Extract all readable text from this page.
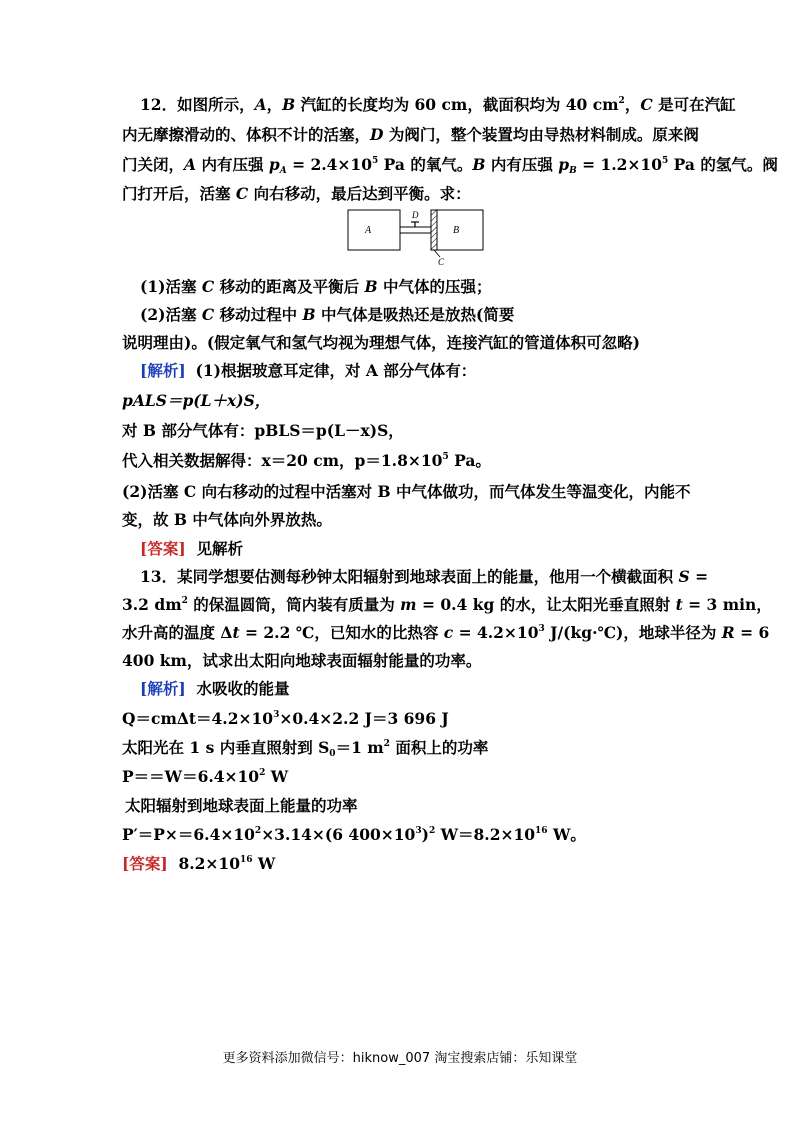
12．如图所示，A，B 汽缸的长度均为 60 cm，截面积均为 40 $cm^2$，C 是可在汽缸
内无摩擦滑动的、体积不计的活塞，D 为阀门，整个装置均由导热材料制成。原来阀
门关闭，A 内有压强 $p_A = 2.4\times 10^5$ Pa 的氧气。B 内有压强 $p_B = 1.2\times 10^5$ Pa 的氢气。阀
门打开后，活塞 C 向右移动，最后达到平衡。求：
A	B
D
C
(1)活塞 C 移动的距离及平衡后 B 中气体的压强；
(2)活塞 C 移动过程中 B 中气体是吸热还是放热(简要
说明理由)。(假定氧气和氢气均视为理想气体，连接汽缸的管道体积可忽略)
[解析] (1)根据玻意耳定律，对 A 部分气体有：
pALS＝p(L＋x)S，
对 B 部分气体有：pBLS＝p(L－x)S，
代入相关数据解得：x＝20 cm，$p=1.8\times 10^5$ Pa。
(2)活塞 C 向右移动的过程中活塞对 B 中气体做功，而气体发生等温变化，内能不
变，故 B 中气体向外界放热。
[答案] 见解析
13．某同学想要估测每秒钟太阳辐射到地球表面上的能量，他用一个横截面积 S =
3.2 $dm^2$ 的保温圆筒，筒内装有质量为 m = 0.4 kg 的水，让太阳光垂直照射 t = 3 min，
水升高的温度 Δt = 2.2 ℃，已知水的比热容 $c = 4.2\times 10^3$ J/(kg·℃)，地球半径为 R = 6
400 km，试求出太阳向地球表面辐射能量的功率。
[解析] 水吸收的能量
$Q=cm\Delta t=4.2\times 10^3\times 0.4\times 2.2$ J＝3 696 J
太阳光在 1 s 内垂直照射到 $S_0=1$ $m^2$ 面积上的功率
$P==W=6.4\times 10^2$ W
太阳辐射到地球表面上能量的功率
$P'=P\times=6.4\times 10^2\times 3.14\times(6$ $400\times 10^3)^2$ $W=8.2\times 10^{16}$ W。
[答案] $8.2\times 10^{16}$ W
更多资料添加微信号：hiknow_007 淘宝搜索店铺：乐知课堂
